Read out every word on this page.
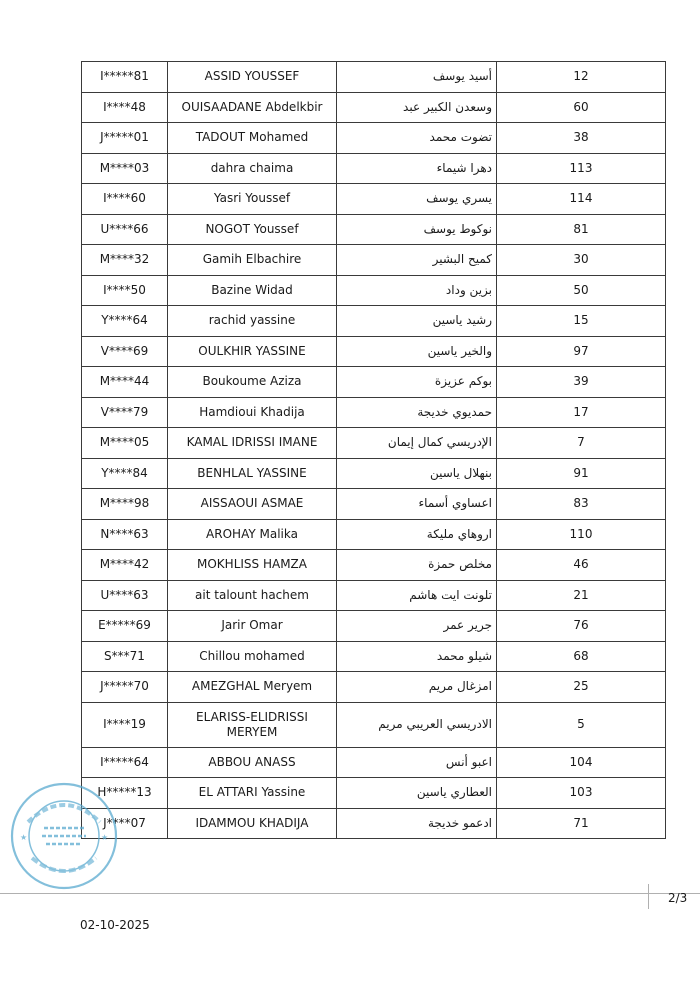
I*****81	ASSID YOUSSEF	أسيد يوسف	12
I****48	OUISAADANE Abdelkbir	وسعدن الكبير عبد	60
J*****01	TADOUT Mohamed	تضوت محمد	38
M****03	dahra chaima	دهرا شيماء	113
I****60	Yasri Youssef	يسري يوسف	114
U****66	NOGOT Youssef	نوكوط يوسف	81
M****32	Gamih Elbachire	كميح البشير	30
I****50	Bazine Widad	بزين وداد	50
Y****64	rachid yassine	رشيد ياسين	15
V****69	OULKHIR YASSINE	والخير ياسين	97
M****44	Boukoume Aziza	بوكم عزيزة	39
V****79	Hamdioui Khadija	حمديوي خديجة	17
M****05	KAMAL IDRISSI IMANE	الإدريسي كمال إيمان	7
Y****84	BENHLAL YASSINE	بنهلال ياسين	91
M****98	AISSAOUI ASMAE	اعساوي أسماء	83
N****63	AROHAY Malika	اروهاي مليكة	110
M****42	MOKHLISS HAMZA	مخلص حمزة	46
U****63	ait talount hachem	تلونت ايت هاشم	21
E*****69	Jarir Omar	جرير عمر	76
S***71	Chillou mohamed	شيلو محمد	68
J*****70	AMEZGHAL Meryem	امزغال مريم	25
I****19	ELARISS-ELIDRISSI MERYEM	الادريسي العريبي مريم	5
I*****64	ABBOU ANASS	اعبو أنس	104
H*****13	EL ATTARI Yassine	العطاري ياسين	103
J****07	IDAMMOU KHADIJA	ادعمو خديجة	71
★	★
2/3
02-10-2025
